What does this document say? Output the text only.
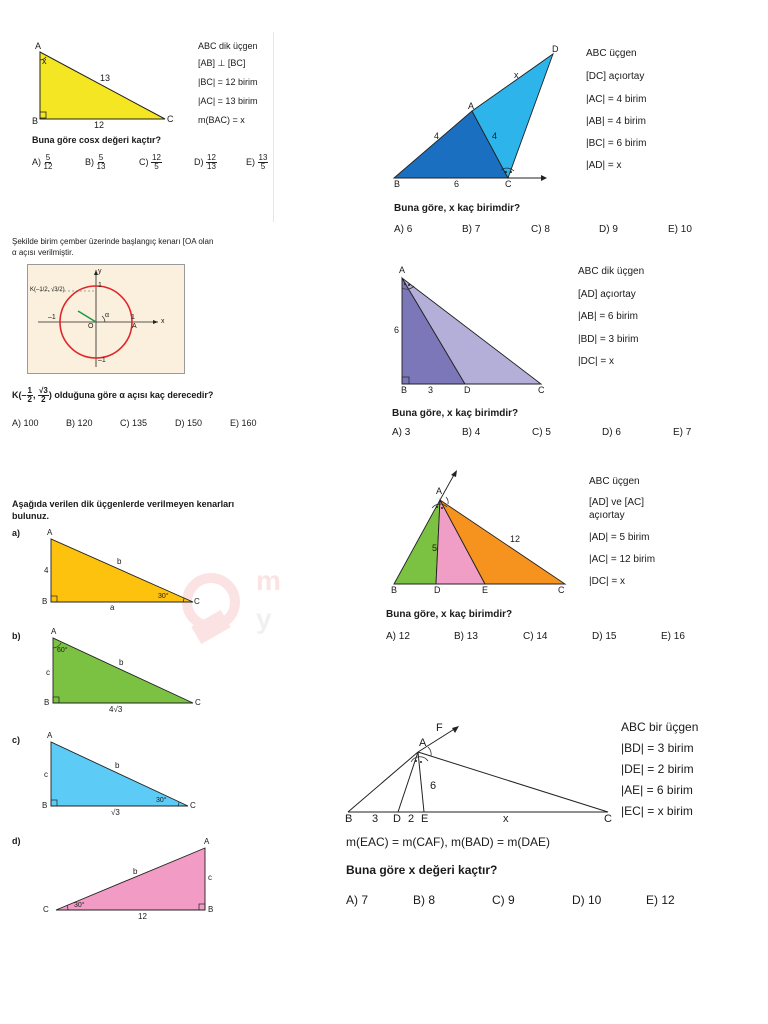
A
x
B	C
13
12
ABC dik üçgen
[AB] ⊥ [BC]
|BC| = 12 birim
|AC| = 13 birim
m(BAC) = x
Buna göre cosx değeri kaçtır?
$A) \frac{5}{12}$	$B) \frac{5}{13}$	$C) \frac{12}{5}$	$D) \frac{12}{13}$	$E) \frac{13}{5}$
Şekilde birim çember üzerinde başlangıç kenarı [OA olan
α açısı verilmiştir.
y
x
O	A
1
–1	1
–1
α
K(–1/2, √3/2)
$K(- \frac{1}{2}$ , $\frac{√3}{2}$ ) olduğuna göre α açısı kaç derecedir?
A) 100	B) 120	C) 135	D) 150	E) 160
m
y
Aşağıda verilen dik üçgenlerde verilmeyen kenarları
bulunuz.
a)	A
B	C
4
b
a
30°
b)	A
B	C
c
b
4√3
60°
c)	A
B	C
c
b
√3
30°
d)	A
B
C
c
b
12
30°
A
B	C
D
x
4	4
6
ABC üçgen
[DC] açıortay
|AC| = 4 birim
|AB| = 4 birim
|BC| = 6 birim
|AD| = x
Buna göre, x kaç birimdir?
A) 6	B) 7	C) 8	D) 9	E) 10
A
B	D	C
6
3
ABC dik üçgen
[AD] açıortay
|AB| = 6 birim
|BD| = 3 birim
|DC| = x
Buna göre, x kaç birimdir?
A) 3	B) 4	C) 5	D) 6	E) 7
A
B	D	E	C
5
12
ABC üçgen
[AD] ve [AC]
açıortay
|AD| = 5 birim
|AC| = 12 birim
|DC| = x
Buna göre, x kaç birimdir?
A) 12	B) 13	C) 14	D) 15	E) 16
F
A
B 3 D 2 E	x	C
6
ABC bir üçgen
|BD| = 3 birim
|DE| = 2 birim
|AE| = 6 birim
|EC| = x birim
m(EAC) = m(CAF), m(BAD) = m(DAE)
Buna göre x değeri kaçtır?
A) 7	B) 8	C) 9	D) 10	E) 12
